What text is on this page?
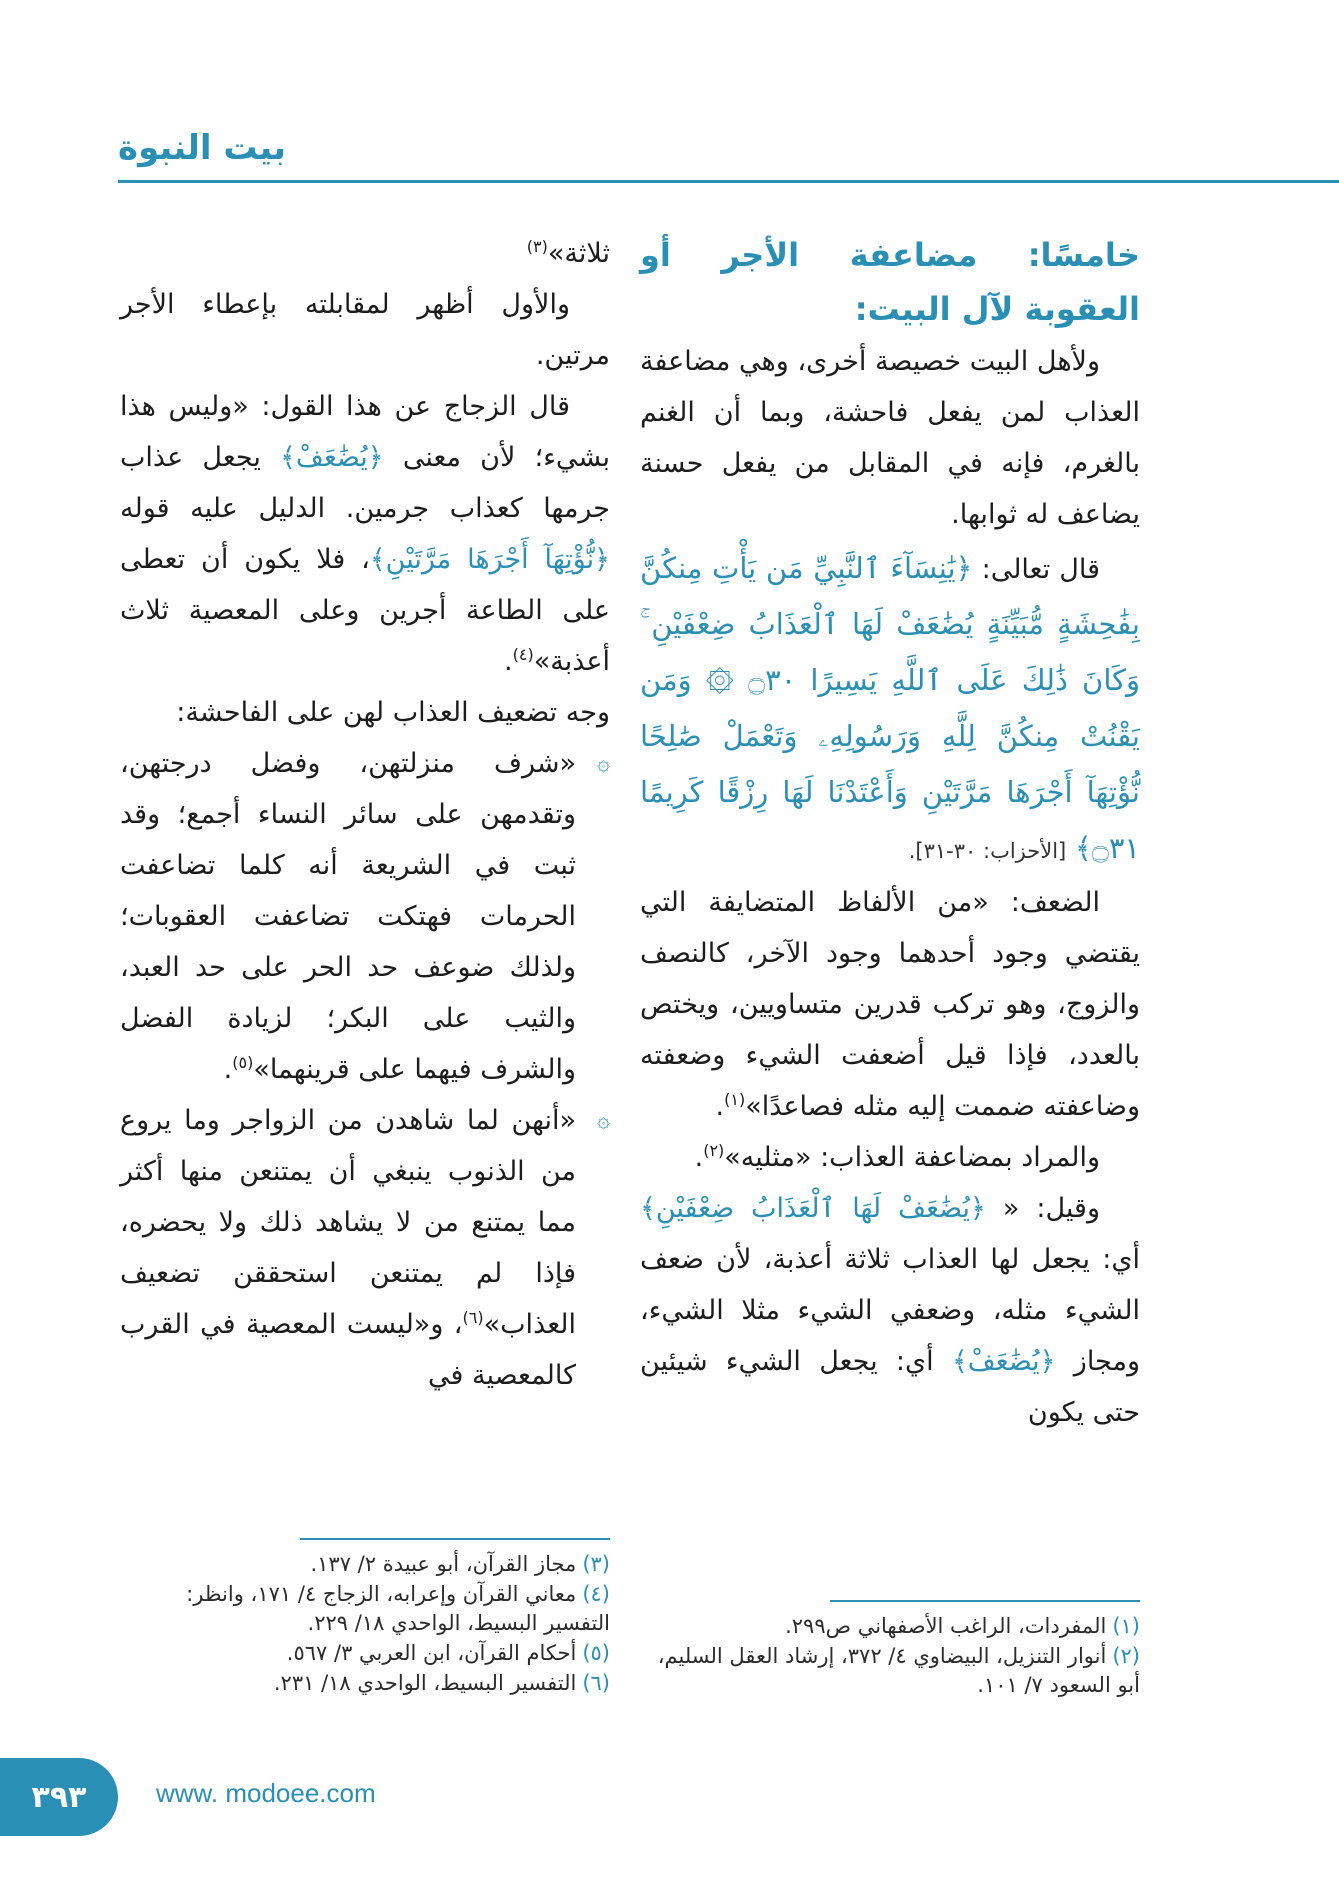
بيت النبوة

خامسًا: مضاعفة الأجر أو العقوبة لآل البيت:

ولأهل البيت خصيصة أخرى، وهي مضاعفة العذاب لمن يفعل فاحشة، وبما أن الغنم بالغرم، فإنه في المقابل من يفعل حسنة يضاعف له ثوابها.

قال تعالى: ﴿يَٰنِسَآءَ ٱلنَّبِيِّ مَن يَأْتِ مِنكُنَّ بِفَٰحِشَةٍ مُّبَيِّنَةٍ يُضَٰعَفْ لَهَا ٱلْعَذَابُ ضِعْفَيْنِ ۚ وَكَانَ ذَٰلِكَ عَلَى ٱللَّهِ يَسِيرًا ۝٣٠ ۞ وَمَن يَقْنُتْ مِنكُنَّ لِلَّهِ وَرَسُولِهِۦ وَتَعْمَلْ صَٰلِحًا نُّؤْتِهَآ أَجْرَهَا مَرَّتَيْنِ وَأَعْتَدْنَا لَهَا رِزْقًا كَرِيمًا ۝٣١﴾ [الأحزاب: ٣٠-٣١].

الضعف: «من الألفاظ المتضايفة التي يقتضي وجود أحدهما وجود الآخر، كالنصف والزوج، وهو تركب قدرين متساويين، ويختص بالعدد، فإذا قيل أضعفت الشيء وضعفته وضاعفته ضممت إليه مثله فصاعدًا»$^{(١)}$.

والمراد بمضاعفة العذاب: «مثليه»$^{(٢)}$.

وقيل: « ﴿يُضَٰعَفْ لَهَا ٱلْعَذَابُ ضِعْفَيْنِ﴾ أي: يجعل لها العذاب ثلاثة أعذبة، لأن ضعف الشيء مثله، وضعفي الشيء مثلا الشيء، ومجاز ﴿يُضَٰعَفْ﴾ أي: يجعل الشيء شيئين حتى يكون

ثلاثة»$^{(٣)}$

والأول أظهر لمقابلته بإعطاء الأجر مرتين.

قال الزجاج عن هذا القول: «وليس هذا بشيء؛ لأن معنى ﴿يُضَٰعَفْ﴾ يجعل عذاب جرمها كعذاب جرمين. الدليل عليه قوله ﴿نُّؤْتِهَآ أَجْرَهَا مَرَّتَيْنِ﴾، فلا يكون أن تعطى على الطاعة أجرين وعلى المعصية ثلاث أعذبة»$^{(٤)}$.

وجه تضعيف العذاب لهن على الفاحشة:

۞
«شرف منزلتهن، وفضل درجتهن، وتقدمهن على سائر النساء أجمع؛ وقد ثبت في الشريعة أنه كلما تضاعفت الحرمات فهتكت تضاعفت العقوبات؛ ولذلك ضوعف حد الحر على حد العبد، والثيب على البكر؛ لزيادة الفضل والشرف فيهما على قرينهما»$^{(٥)}$.

۞
«أنهن لما شاهدن من الزواجر وما يروع من الذنوب ينبغي أن يمتنعن منها أكثر مما يمتنع من لا يشاهد ذلك ولا يحضره، فإذا لم يمتنعن استحققن تضعيف العذاب»$^{(٦)}$، و«ليست المعصية في القرب كالمعصية في

(٣)مجاز القرآن، أبو عبيدة ٢/ ١٣٧.
(٤)معاني القرآن وإعرابه، الزجاج ٤/ ١٧١، وانظر: التفسير البسيط، الواحدي ١٨/ ٢٢٩.
(٥)أحكام القرآن، ابن العربي ٣/ ٥٦٧.
(٦)التفسير البسيط، الواحدي ١٨/ ٢٣١.
(١)المفردات، الراغب الأصفهاني ص٢٩٩.
(٢)أنوار التنزيل، البيضاوي ٤/ ٣٧٢، إرشاد العقل السليم، أبو السعود ٧/ ١٠١.
٣٩٣	www. modoee.com
